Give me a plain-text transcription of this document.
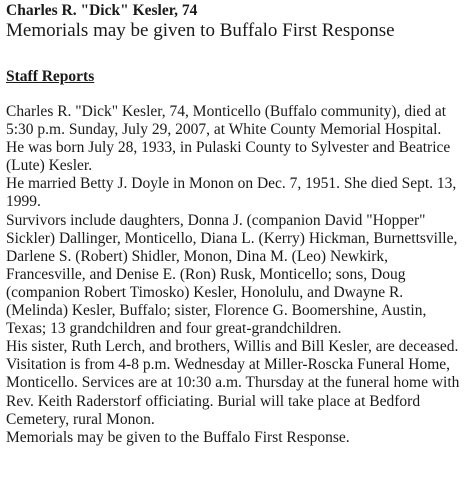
Charles R. "Dick" Kesler, 74
Memorials may be given to Buffalo First Response
Staff Reports

Charles R. "Dick" Kesler, 74, Monticello (Buffalo community), died at 5:30 p.m. Sunday, July 29, 2007, at White County Memorial Hospital.

He was born July 28, 1933, in Pulaski County to Sylvester and Beatrice (Lute) Kesler.

He married Betty J. Doyle in Monon on Dec. 7, 1951. She died Sept. 13, 1999.

Survivors include daughters, Donna J. (companion David "Hopper" Sickler) Dallinger, Monticello, Diana L. (Kerry) Hickman, Burnettsville, Darlene S. (Robert) Shidler, Monon, Dina M. (Leo) Newkirk, Francesville, and Denise E. (Ron) Rusk, Monticello; sons, Doug (companion Robert Timosko) Kesler, Honolulu, and Dwayne R. (Melinda) Kesler, Buffalo; sister, Florence G. Boomershine, Austin, Texas; 13 grandchildren and four great-grandchildren.

His sister, Ruth Lerch, and brothers, Willis and Bill Kesler, are deceased.

Visitation is from 4-8 p.m. Wednesday at Miller-Roscka Funeral Home, Monticello. Services are at 10:30 a.m. Thursday at the funeral home with Rev. Keith Raderstorf officiating. Burial will take place at Bedford Cemetery, rural Monon.

Memorials may be given to the Buffalo First Response.
